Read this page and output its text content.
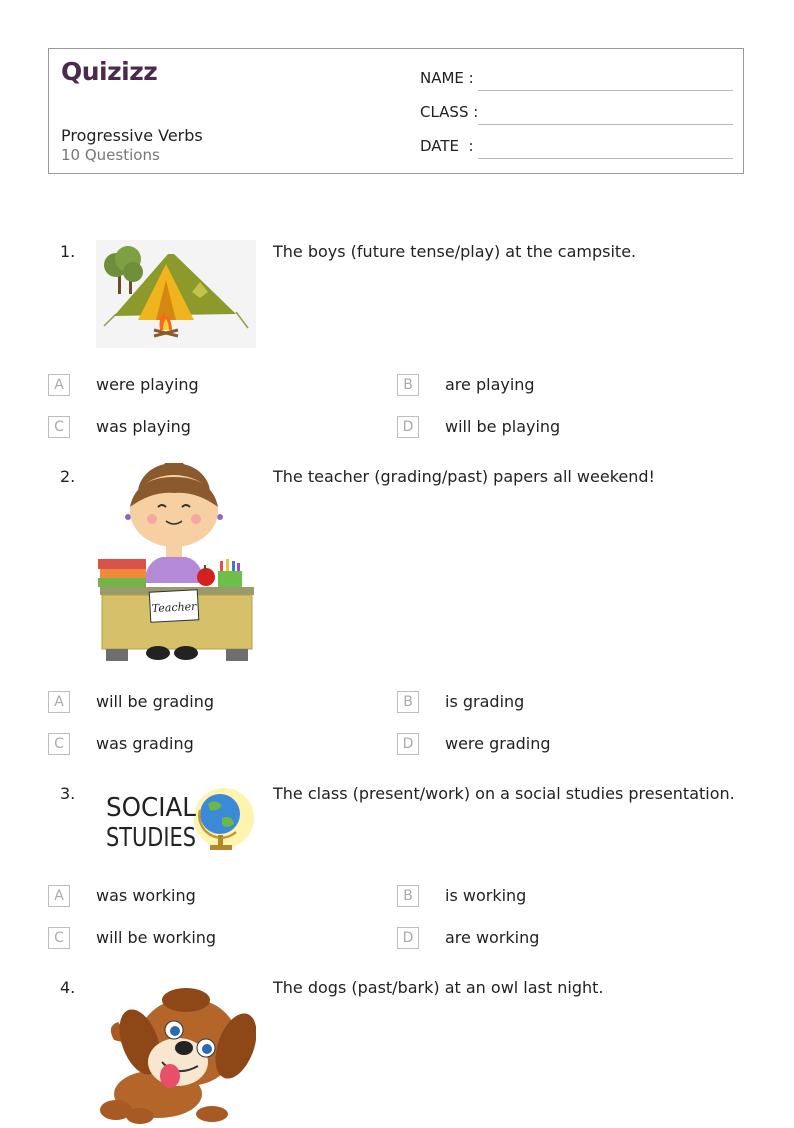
Quizizz
Progressive Verbs
10 Questions
NAME :
CLASS :
DATE  :
1.	The boys (future tense/play) at the campsite.
A	were playing	B	are playing
C	was playing	D	will be playing
2.
Teacher
The teacher (grading/past) papers all weekend!
A	will be grading	B	is grading
C	was grading	D	were grading
3. SOCIAL
STUDIES
The class (present/work) on a social studies presentation.
A	was working	B	is working
C	will be working	D	are working
4.	The dogs (past/bark) at an owl last night.
